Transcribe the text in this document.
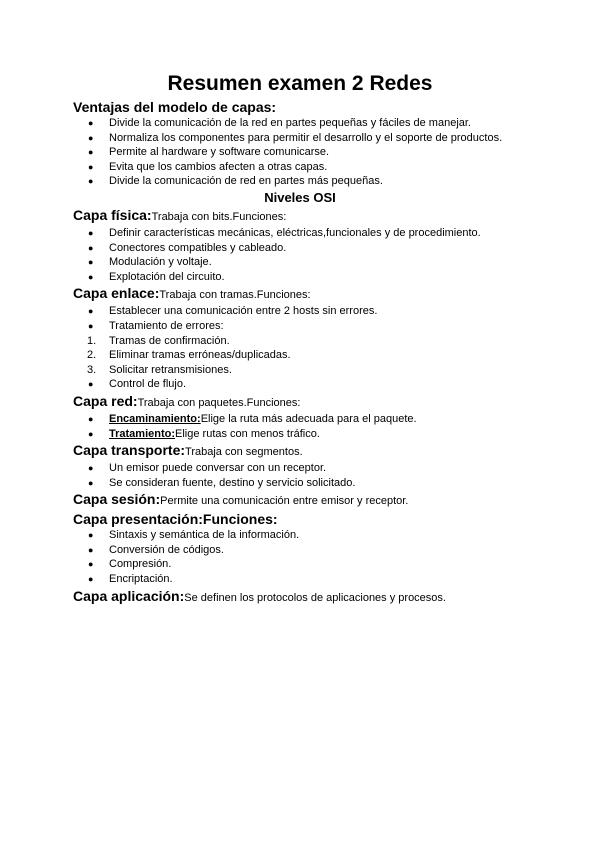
Resumen examen 2 Redes
Ventajas del modelo de capas:
● Divide la comunicación de la red en partes pequeñas y fáciles de manejar.
● Normaliza los componentes para permitir el desarrollo y el soporte de productos.
● Permite al hardware y software comunicarse.
● Evita que los cambios afecten a otras capas.
● Divide la comunicación de red en partes más pequeñas.
Niveles OSI
Capa física:Trabaja con bits.Funciones:
● Definir características mecánicas, eléctricas,funcionales y de procedimiento.
● Conectores compatibles y cableado.
● Modulación y voltaje.
● Explotación del circuito.
Capa enlace:Trabaja con tramas.Funciones:
● Establecer una comunicación entre 2 hosts sin errores.
● Tratamiento de errores:
1. Tramas de confirmación.
2. Eliminar tramas erróneas/duplicadas.
3. Solicitar retransmisiones.
● Control de flujo.
Capa red:Trabaja con paquetes.Funciones:
● Encaminamiento:Elige la ruta más adecuada para el paquete.
● Tratamiento:Elige rutas con menos tráfico.
Capa transporte:Trabaja con segmentos.
● Un emisor puede conversar con un receptor.
● Se consideran fuente, destino y servicio solicitado.
Capa sesión:Permite una comunicación entre emisor y receptor.
Capa presentación:Funciones:
● Sintaxis y semántica de la información.
● Conversión de códigos.
● Compresión.
● Encriptación.
Capa aplicación:Se definen los protocolos de aplicaciones y procesos.
